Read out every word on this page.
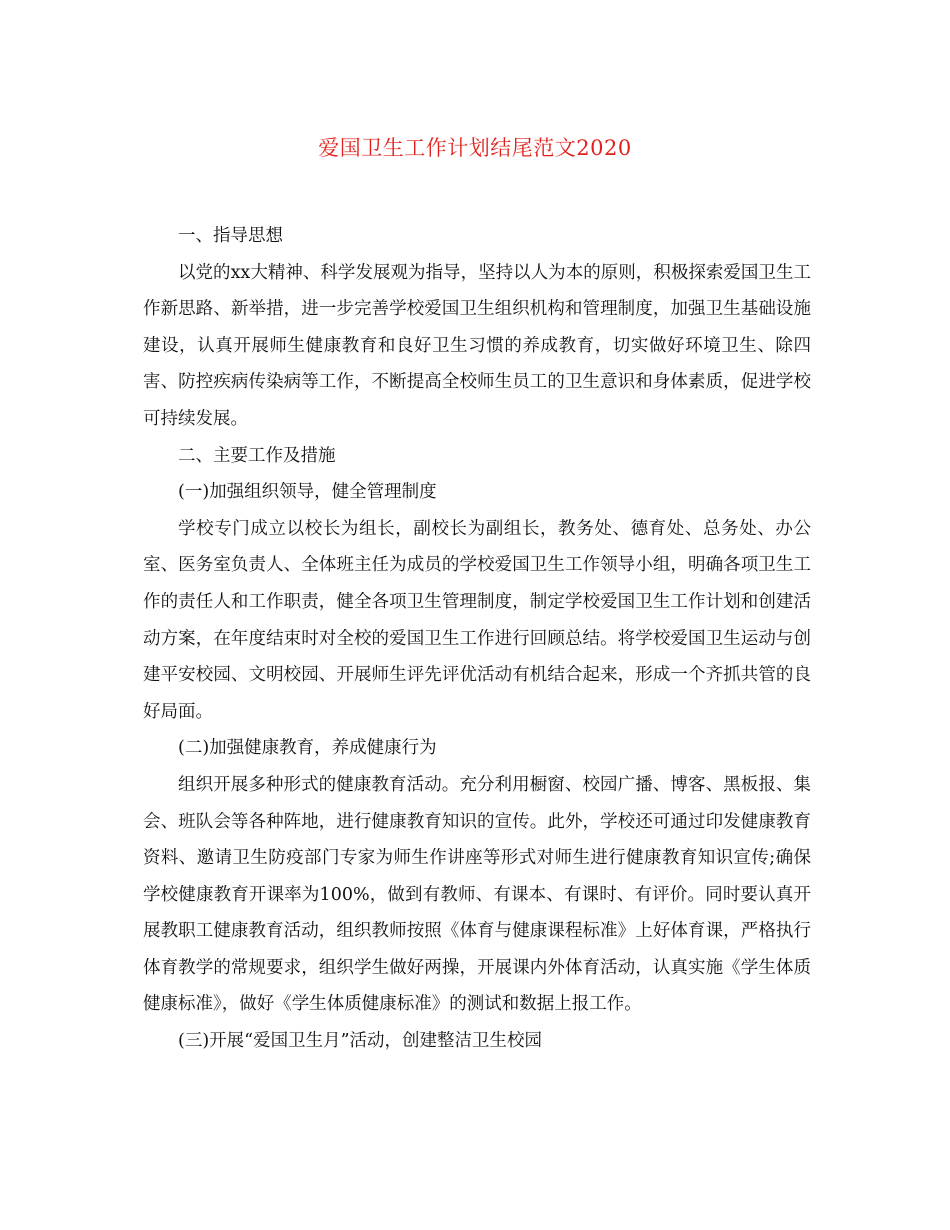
爱国卫生工作计划结尾范文2020

一、指导思想

以党的xx大精神、科学发展观为指导，坚持以人为本的原则，积极探索爱国卫生工作新思路、新举措，进一步完善学校爱国卫生组织机构和管理制度，加强卫生基础设施建设，认真开展师生健康教育和良好卫生习惯的养成教育，切实做好环境卫生、除四害、防控疾病传染病等工作，不断提高全校师生员工的卫生意识和身体素质，促进学校可持续发展。

二、主要工作及措施

(一)加强组织领导，健全管理制度

学校专门成立以校长为组长，副校长为副组长，教务处、德育处、总务处、办公室、医务室负责人、全体班主任为成员的学校爱国卫生工作领导小组，明确各项卫生工作的责任人和工作职责，健全各项卫生管理制度，制定学校爱国卫生工作计划和创建活动方案，在年度结束时对全校的爱国卫生工作进行回顾总结。将学校爱国卫生运动与创建平安校园、文明校园、开展师生评先评优活动有机结合起来，形成一个齐抓共管的良好局面。

(二)加强健康教育，养成健康行为

组织开展多种形式的健康教育活动。充分利用橱窗、校园广播、博客、黑板报、集会、班队会等各种阵地，进行健康教育知识的宣传。此外，学校还可通过印发健康教育资料、邀请卫生防疫部门专家为师生作讲座等形式对师生进行健康教育知识宣传;确保学校健康教育开课率为100%，做到有教师、有课本、有课时、有评价。同时要认真开展教职工健康教育活动，组织教师按照《体育与健康课程标准》上好体育课，严格执行体育教学的常规要求，组织学生做好两操，开展课内外体育活动，认真实施《学生体质健康标准》，做好《学生体质健康标准》的测试和数据上报工作。

(三)开展“爱国卫生月”活动，创建整洁卫生校园
